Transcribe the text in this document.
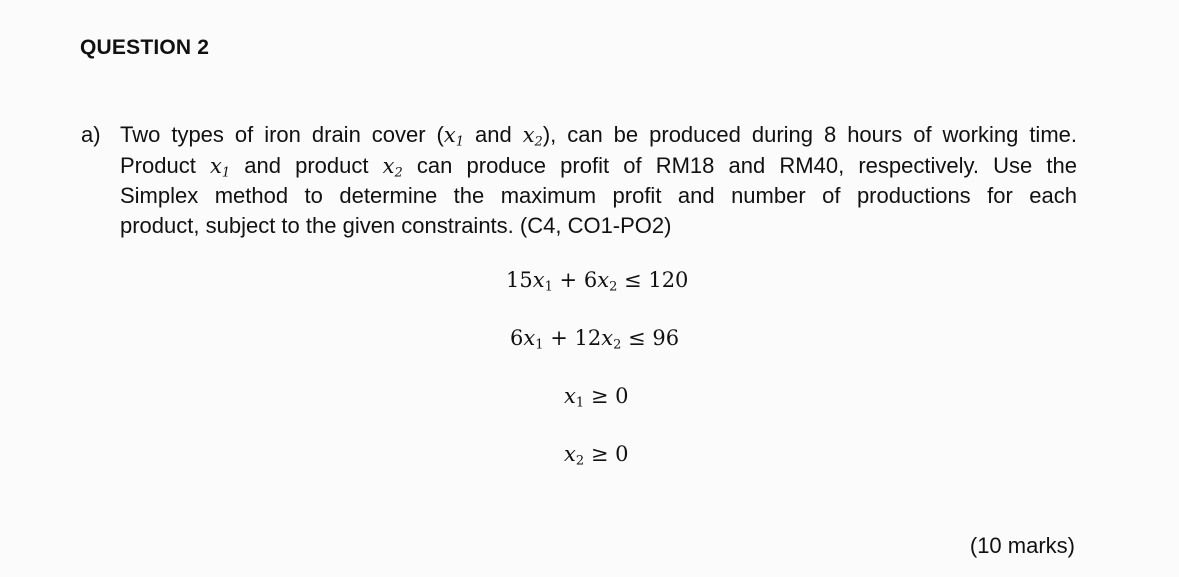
QUESTION 2
a) Two types of iron drain cover ($x_1$ and $x_2$), can be produced during 8 hours of working time.
Product $x_1$ and product $x_2$ can produce profit of RM18 and RM40, respectively. Use the
Simplex method to determine the maximum profit and number of productions for each
product, subject to the given constraints. (C4, CO1-PO2)
$15x_1 + 6x_2 \le 120$
$6x_1 + 12x_2 \le 96$
$x_1 \ge 0$
$x_2 \ge 0$
(10 marks)
